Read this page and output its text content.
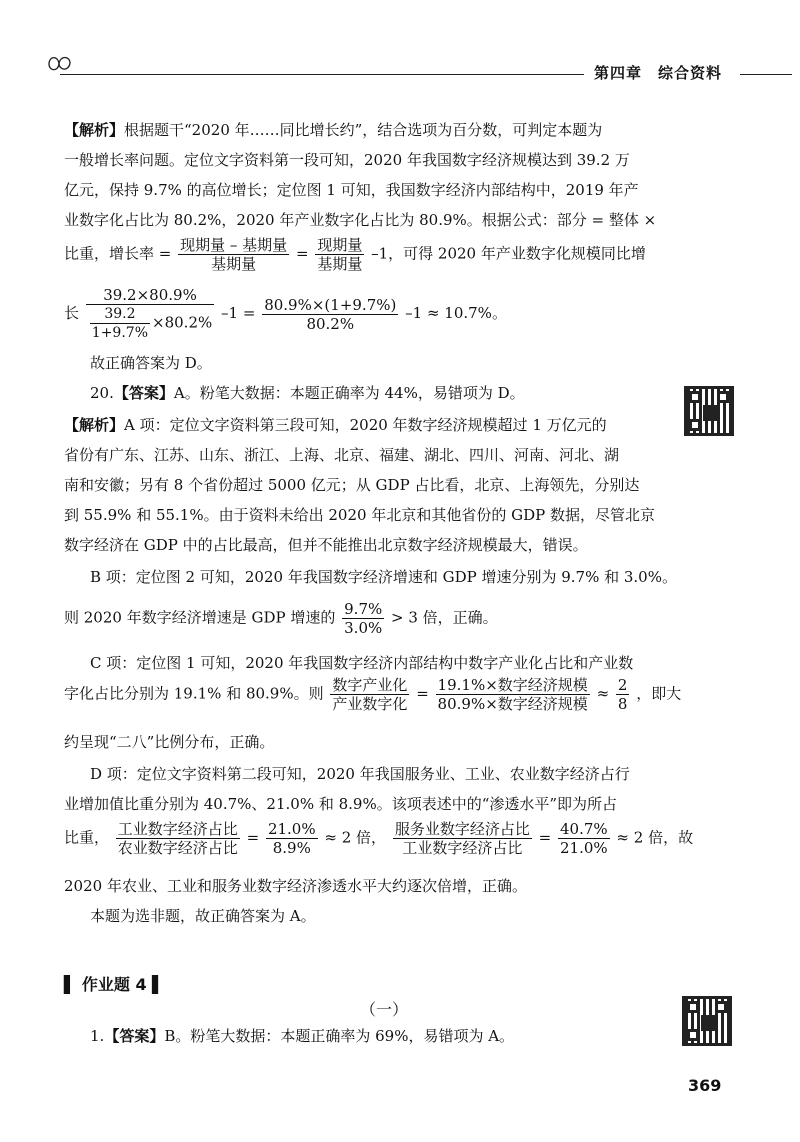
第四章　综合资料
【解析】根据题干“2020 年……同比增长约”，结合选项为百分数，可判定本题为
一般增长率问题。定位文字资料第一段可知，2020 年我国数字经济规模达到 39.2 万
亿元，保持 9.7% 的高位增长；定位图 1 可知，我国数字经济内部结构中，2019 年产
业数字化占比为 80.2%，2020 年产业数字化占比为 80.9%。根据公式：部分 = 整体 ×
比重，增长率 = $\frac{\text{现期量 – 基期量}}{\text{基期量}} = \frac{\text{现期量}}{\text{基期量}} -1$，可得 2020 年产业数字化规模同比增
长 $\frac{39.2\times 80.9\%}{\frac{39.2}{1+9.7\%} \times 80.2\%} -1 = \frac{80.9\%\times(1+9.7\%)}{80.2\%} -1 \approx 10.7\%$。
故正确答案为 D。
20.【答案】A。粉笔大数据：本题正确率为 44%，易错项为 D。
【解析】A 项：定位文字资料第三段可知，2020 年数字经济规模超过 1 万亿元的
省份有广东、江苏、山东、浙江、上海、北京、福建、湖北、四川、河南、河北、湖
南和安徽；另有 8 个省份超过 5000 亿元；从 GDP 占比看，北京、上海领先，分别达
到 55.9% 和 55.1%。由于资料未给出 2020 年北京和其他省份的 GDP 数据，尽管北京
数字经济在 GDP 中的占比最高，但并不能推出北京数字经济规模最大，错误。
B 项：定位图 2 可知，2020 年我国数字经济增速和 GDP 增速分别为 9.7% 和 3.0%。
则 2020 年数字经济增速是 GDP 增速的 $\frac{9.7\%}{3.0\%} > 3$ 倍，正确。
C 项：定位图 1 可知，2020 年我国数字经济内部结构中数字产业化占比和产业数
字化占比分别为 19.1% 和 80.9%。则 $\frac{\text{数字产业化}}{\text{产业数字化}} = \frac{\text{19.1\%×数字经济规模}}{\text{80.9\%×数字经济规模}} \approx \frac{2}{8}$ ，即大
约呈现“二八”比例分布，正确。
D 项：定位文字资料第二段可知，2020 年我国服务业、工业、农业数字经济占行
业增加值比重分别为 40.7%、21.0% 和 8.9%。该项表述中的“渗透水平”即为所占
比重， $\frac{\text{工业数字经济占比}}{\text{农业数字经济占比}} = \frac{21.0\%}{8.9\%} \approx 2$ 倍， $\frac{\text{服务业数字经济占比}}{\text{工业数字经济占比}} = \frac{40.7\%}{21.0\%} \approx 2$ 倍，故
2020 年农业、工业和服务业数字经济渗透水平大约逐次倍增，正确。
本题为选非题，故正确答案为 A。
▌ 作业题 4 ▌
（一）
1.【答案】B。粉笔大数据：本题正确率为 69%，易错项为 A。
369
